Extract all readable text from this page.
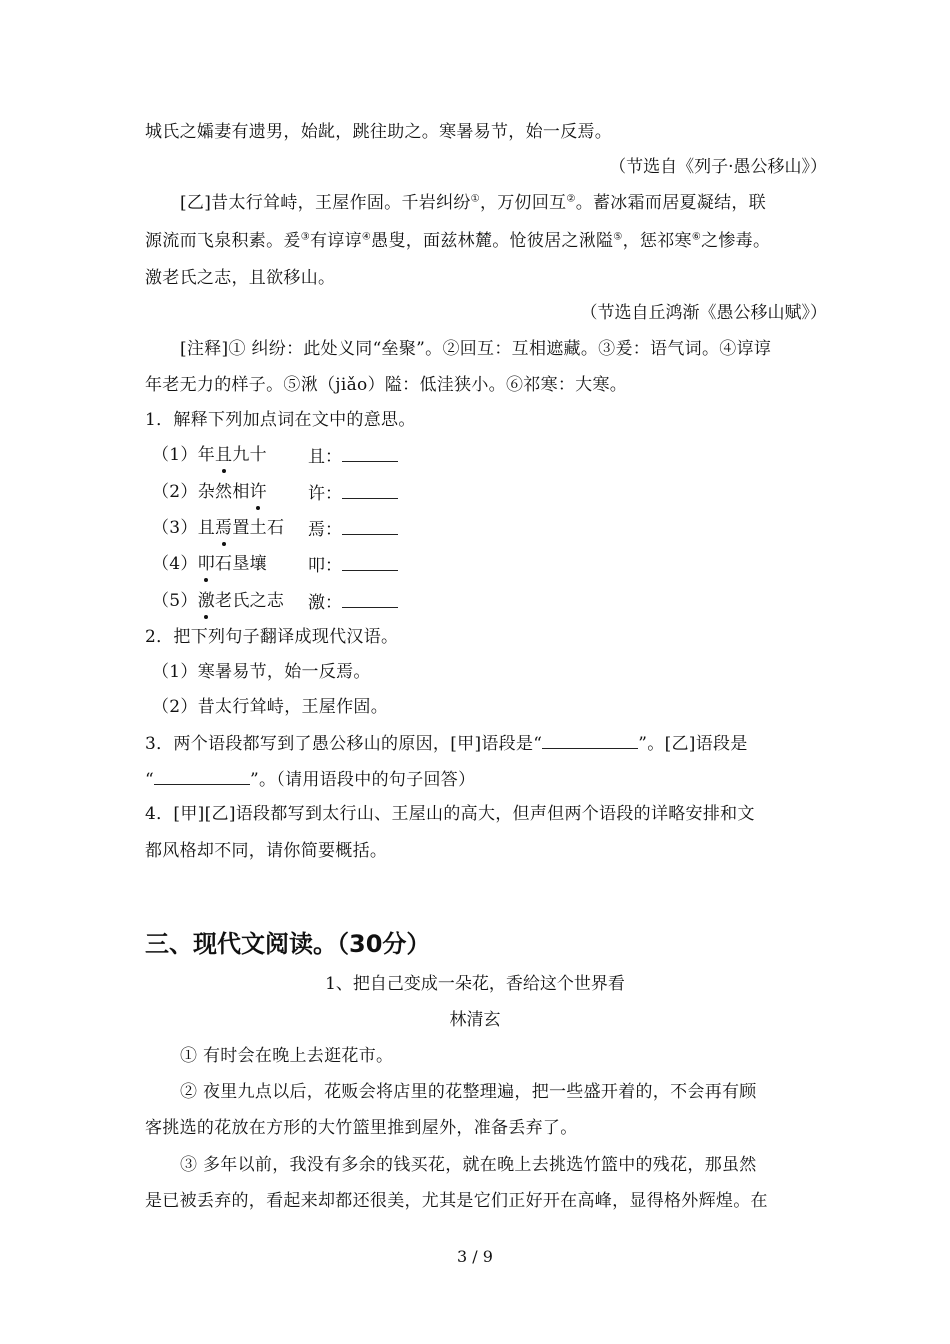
城氏之孀妻有遗男，始龀，跳往助之。寒暑易节，始一反焉。
（节选自《列子·愚公移山》）
[乙]昔太行耸峙，王屋作固。千岩纠纷①，万仞回互②。蓄冰霜而居夏凝结，联
源流而飞泉积素。爰③有谆谆④愚叟，面兹林麓。怆彼居之湫隘⑤，惩祁寒⑥之惨毒。
激老氏之志，且欲移山。
（节选自丘鸿渐《愚公移山赋》）
[注释]① 纠纷：此处义同“垒聚”。②回互：互相遮藏。③爰：语气词。④谆谆
年老无力的样子。⑤湫（jiǎo）隘：低洼狭小。⑥祁寒：大寒。
1．解释下列加点词在文中的意思。
（1）年且九十 且：
（2）杂然相许 许：
（3）且焉置土石 焉：
（4）叩石垦壤 叩：
（5）激老氏之志 激：
2．把下列句子翻译成现代汉语。
（1）寒暑易节，始一反焉。
（2）昔太行耸峙，王屋作固。
3．两个语段都写到了愚公移山的原因，[甲]语段是“	”。[乙]语段是
“	”。（请用语段中的句子回答）
4．[甲][乙]语段都写到太行山、王屋山的高大，但声但两个语段的详略安排和文
都风格却不同，请你简要概括。
三、现代文阅读。（30分）
1、把自己变成一朵花，香给这个世界看
林清玄
① 有时会在晚上去逛花市。
② 夜里九点以后，花贩会将店里的花整理遍，把一些盛开着的，不会再有顾
客挑选的花放在方形的大竹篮里推到屋外，准备丢弃了。
③ 多年以前，我没有多余的钱买花，就在晚上去挑选竹篮中的残花，那虽然
是已被丢弃的，看起来却都还很美，尤其是它们正好开在高峰，显得格外辉煌。在
3 / 9
